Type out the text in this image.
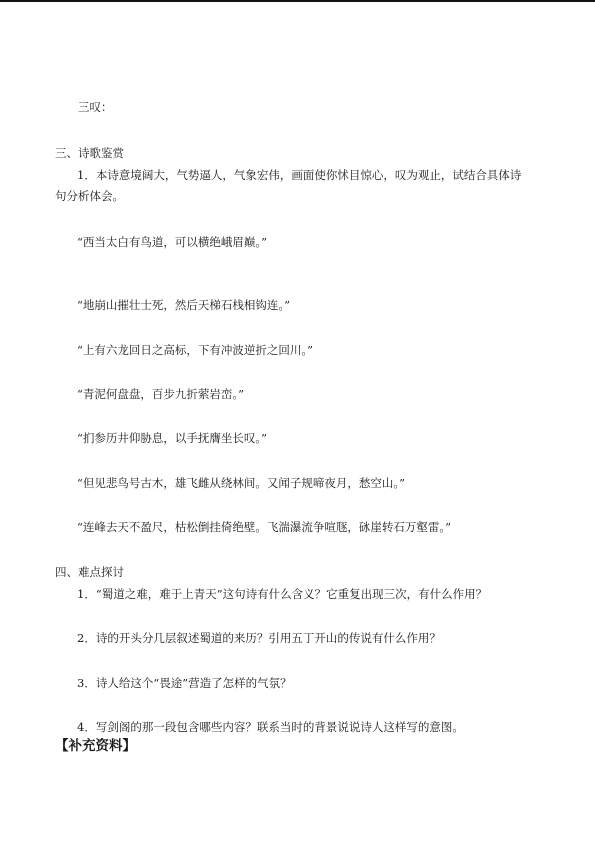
三叹：
三、诗歌鉴赏
1．本诗意境阔大，气势逼人，气象宏伟，画面使你怵目惊心，叹为观止，试结合具体诗
句分析体会。
“西当太白有鸟道，可以横绝峨眉巅。”
“地崩山摧壮士死，然后天梯石栈相钩连。”
“上有六龙回日之高标，下有冲波逆折之回川。”
“青泥何盘盘，百步九折萦岩峦。”
“扪参历井仰胁息，以手抚膺坐长叹。”
“但见悲鸟号古木，雄飞雌从绕林间。又闻子规啼夜月，愁空山。”
“连峰去天不盈尺，枯松倒挂倚绝壁。飞湍瀑流争喧豗，砯崖转石万壑雷。”
四、难点探讨
1．“蜀道之难，难于上青天”这句诗有什么含义？它重复出现三次，有什么作用？
2．诗的开头分几层叙述蜀道的来历？引用五丁开山的传说有什么作用？
3．诗人给这个“畏途”营造了怎样的气氛？
4．写剑阁的那一段包含哪些内容？联系当时的背景说说诗人这样写的意图。
【补充资料】
